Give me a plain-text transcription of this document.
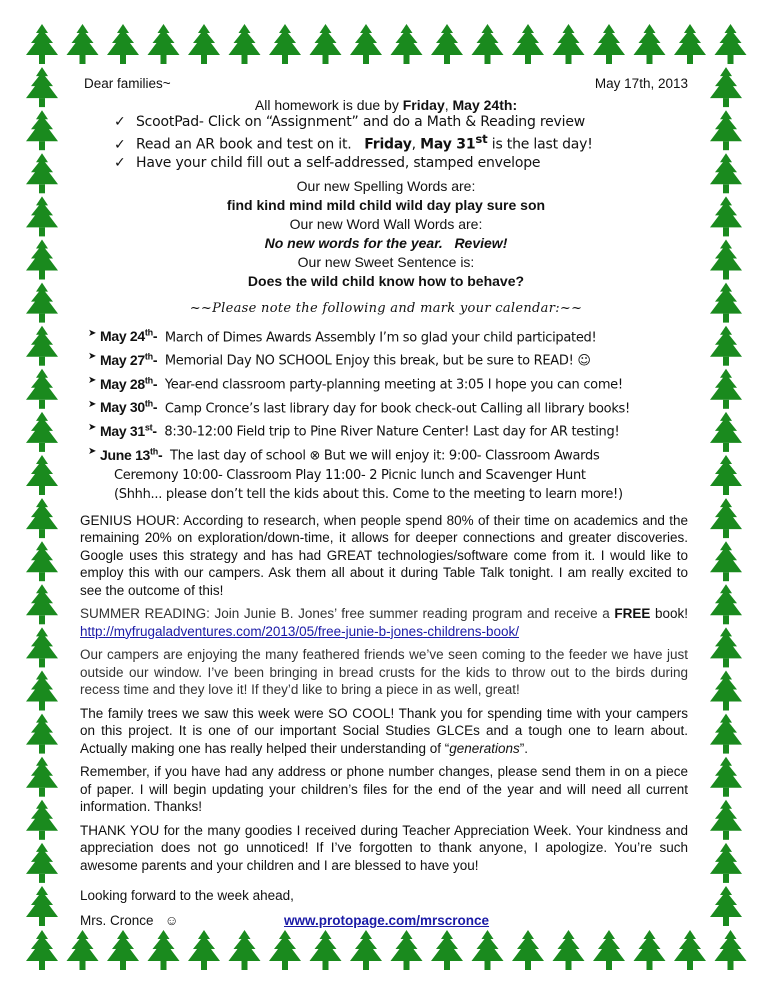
Dear families~	May 17th, 2013
All homework is due by Friday, May 24th:
✓ ScootPad- Click on “Assignment” and do a Math & Reading review
✓ Read an AR book and test on it. Friday, May 31st is the last day!
✓ Have your child fill out a self-addressed, stamped envelope
Our new Spelling Words are:
find kind mind mild child wild day play sure son
Our new Word Wall Words are:
No new words for the year.   Review!
Our new Sweet Sentence is:
Does the wild child know how to behave?
~~Please note the following and mark your calendar:~~
➤ May 24th- March of Dimes Awards Assembly I’m so glad your child participated!
➤ May 27th- Memorial Day NO SCHOOL Enjoy this break, but be sure to READ! ☺
➤ May 28th- Year-end classroom party-planning meeting at 3:05 I hope you can come!
➤ May 30th- Camp Cronce’s last library day for book check-out Calling all library books!
➤ May 31st- 8:30-12:00 Field trip to Pine River Nature Center! Last day for AR testing!
➤ June 13th- The last day of school ⊗ But we will enjoy it: 9:00- Classroom Awards
Ceremony 10:00- Classroom Play 11:00- 2 Picnic lunch and Scavenger Hunt
(Shhh... please don’t tell the kids about this. Come to the meeting to learn more!)

GENIUS HOUR: According to research, when people spend 80% of their time on academics and the remaining 20% on exploration/down-time, it allows for deeper connections and greater discoveries. Google uses this strategy and has had GREAT technologies/software come from it. I would like to employ this with our campers. Ask them all about it during Table Talk tonight. I am really excited to see the outcome of this!

SUMMER READING: Join Junie B. Jones’ free summer reading program and receive a FREE book! http://myfrugaladventures.com/2013/05/free-junie-b-jones-childrens-book/

Our campers are enjoying the many feathered friends we’ve seen coming to the feeder we have just outside our window. I’ve been bringing in bread crusts for the kids to throw out to the birds during recess time and they love it! If they’d like to bring a piece in as well, great!

The family trees we saw this week were SO COOL! Thank you for spending time with your campers on this project. It is one of our important Social Studies GLCEs and a tough one to learn about. Actually making one has really helped their understanding of “generations”.

Remember, if you have had any address or phone number changes, please send them in on a piece of paper. I will begin updating your children’s files for the end of the year and will need all current information. Thanks!

THANK YOU for the many goodies I received during Teacher Appreciation Week. Your kindness and appreciation does not go unnoticed! If I’ve forgotten to thank anyone, I apologize. You’re such awesome parents and your children and I are blessed to have you!

Looking forward to the week ahead,
Mrs. Cronce   ☺	www.protopage.com/mrscronce
